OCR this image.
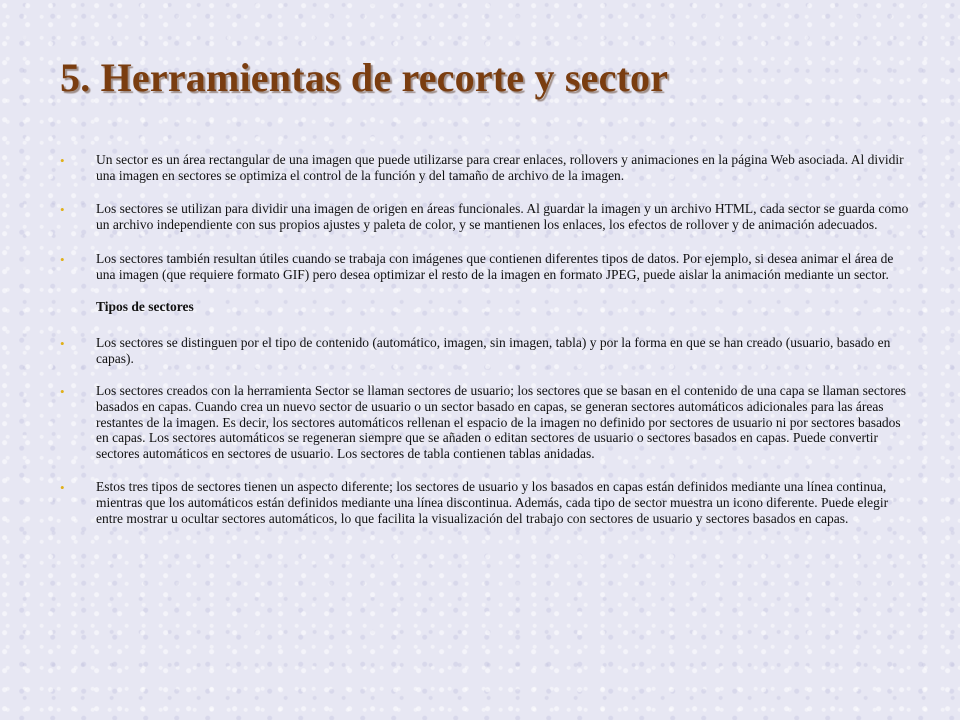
5. Herramientas de recorte y sector

• Un sector es un área rectangular de una imagen que puede utilizarse para crear enlaces, rollovers y animaciones en la página Web asociada. Al dividir una imagen en sectores se optimiza el control de la función y del tamaño de archivo de la imagen.

• Los sectores se utilizan para dividir una imagen de origen en áreas funcionales. Al guardar la imagen y un archivo HTML, cada sector se guarda como un archivo independiente con sus propios ajustes y paleta de color, y se mantienen los enlaces, los efectos de rollover y de animación adecuados.

• Los sectores también resultan útiles cuando se trabaja con imágenes que contienen diferentes tipos de datos. Por ejemplo, si desea animar el área de una imagen (que requiere formato GIF) pero desea optimizar el resto de la imagen en formato JPEG, puede aislar la animación mediante un sector.

Tipos de sectores

• Los sectores se distinguen por el tipo de contenido (automático, imagen, sin imagen, tabla) y por la forma en que se han creado (usuario, basado en capas).

• Los sectores creados con la herramienta Sector se llaman sectores de usuario; los sectores que se basan en el contenido de una capa se llaman sectores basados en capas. Cuando crea un nuevo sector de usuario o un sector basado en capas, se generan sectores automáticos adicionales para las áreas restantes de la imagen. Es decir, los sectores automáticos rellenan el espacio de la imagen no definido por sectores de usuario ni por sectores basados en capas. Los sectores automáticos se regeneran siempre que se añaden o editan sectores de usuario o sectores basados en capas. Puede convertir sectores automáticos en sectores de usuario. Los sectores de tabla contienen tablas anidadas.

• Estos tres tipos de sectores tienen un aspecto diferente; los sectores de usuario y los basados en capas están definidos mediante una línea continua, mientras que los automáticos están definidos mediante una línea discontinua. Además, cada tipo de sector muestra un icono diferente. Puede elegir entre mostrar u ocultar sectores automáticos, lo que facilita la visualización del trabajo con sectores de usuario y sectores basados en capas.
